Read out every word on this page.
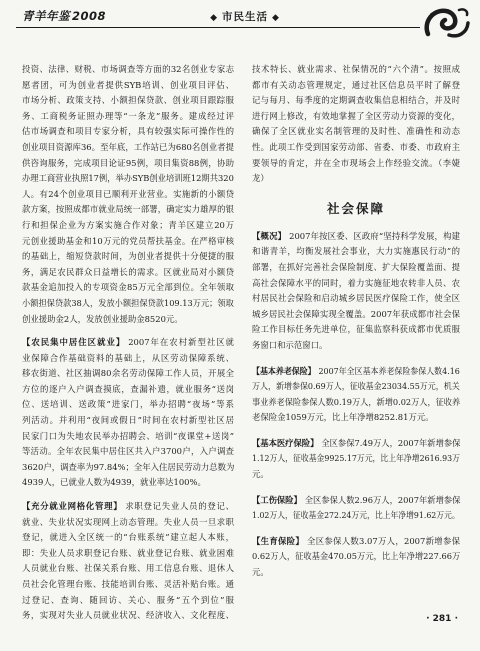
青羊年鉴 2008	◆ 市民生活 ◆
投资、法律、财税、市场调查等方面的32名创业专家志
愿者团，可为创业者提供SYB培训、创业项目评估、
市场分析、政策支持、小额担保贷款、创业项目跟踪服
务、工商税务证照办理等“一条龙”服务。建成经过评
估市场调查和项目专家分析，具有较强实际可操作性的
创业项目资源库36。至年底，工作站已为680名创业者提
供咨询服务，完成项目论证95例，项目集资88例，协助
办理工商营业执照17例，举办SYB创业培训班12期共320
人。有24个创业项目已顺利开业营业。实施新的小额贷
款方案，按照成都市就业局统一部署，确定实力雄厚的银
行和担保企业为方案实施合作对象；青羊区建立20万
元创业援助基金和10万元的党员帮扶基金。在严格审核
的基础上，缩短贷款时间，为创业者提供十分便捷的服
务，满足农民群众日益增长的需求。区就业局对小额贷
款基金追加投入的专项资金85万元全部到位。全年领取
小额担保贷款38人，发放小额担保贷款109.13万元；领取
创业援助金2人，发放创业援助金8520元。
【农民集中居住区就业】 2007年在农村新型社区就
业保障合作基础资料的基础上，从区劳动保障系统、
移农街道、社区抽调80余名劳动保障工作人员，开展全
方位的逐户入户调查摸底，查漏补遗，就业服务“送岗
位、送培训、送政策”进家门，举办招聘“夜场”等系
列活动。并利用“夜间或假日”时间在农村新型社区居
民家门口为失地农民举办招聘会、培训“夜课堂+送岗”
等活动。全年农民集中居住区共入户3700户，入户调查
3620户，调查率为97.84%；全年入住居民劳动力总数为
4939人，已就业人数为4939，就业率达100%。
【充分就业网格化管理】 求职登记失业人员的登记、
就业、失业状况实现网上动态管理。失业人员一旦求职
登记，就进入全区统一的“台账系统”建立起人本账，
即：失业人员求职登记台账、就业登记台账、就业困难
人员就业台账、社保关系台账、用工信息台账、退休人
员社会化管理台账、技能培训台账、灵活补贴台账。通
过登记、查询、随回访、关心、服务“五个到位”服
务，实现对失业人员就业状况、经济收入、文化程度、
技术特长、就业需求、社保情况的“六个清”。按照成
都市有关动态管理规定，通过社区信息员平时了解登
记与每月、每季度的定期调查收集信息相结合，并及时
进行网上修改，有效地掌握了全区劳动力资源的变化，
确保了全区就业实名制管理的及时性、准确性和动态
性。此项工作受到国家劳动部、省委、市委、市政府主
要领导的肯定，并在全市现场会上作经验交流。（李婕
龙）
社会保障
【概况】 2007年按区委、区政府“坚持科学发展，构建
和谐青羊，均衡发展社会事业，大力实施惠民行动”的
部署，在抓好完善社会保险制度、扩大保险覆盖面、提
高社会保障水平的同时，着力实施征地农转非人员、农
村居民社会保险和启动城乡居民医疗保险工作，使全区
城乡居民社会保障实现全覆盖。2007年获成都市社会保
险工作目标任务先进单位，征集监察科获成都市优质服
务窗口和示范窗口。
【基本养老保险】 2007年全区基本养老保险参保人数4.16
万人，新增参保0.69万人，征收基金23034.55万元，机关
事业养老保险参保人数0.19万人，新增0.02万人，征收养
老保险金1059万元，比上年净增8252.81万元。
【基本医疗保险】 全区参保7.49万人，2007年新增参保
1.12万人，征收基金9925.17万元，比上年净增2616.93万
元。
【工伤保险】 全区参保人数2.96万人，2007年新增参保
1.02万人，征收基金272.24万元，比上年净增91.62万元。
【生育保险】 全区参保人数3.07万人，2007新增参保
0.62万人，征收基金470.05万元，比上年净增227.66万
元。
· 281 ·
